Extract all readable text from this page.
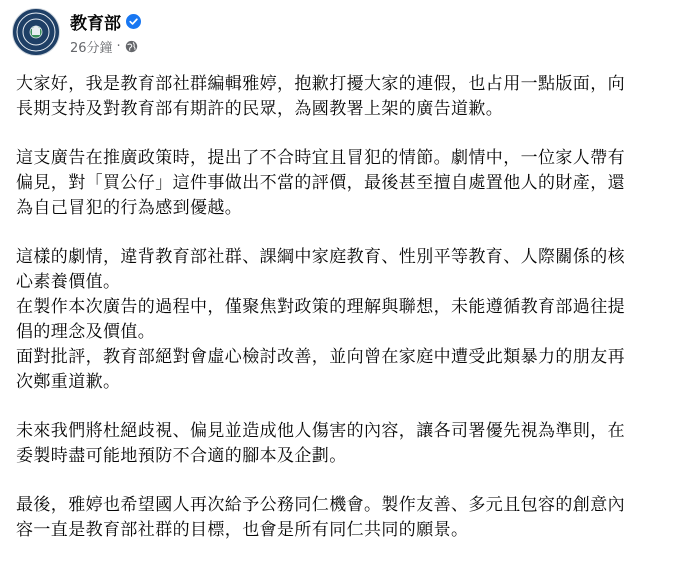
教育部
26分鐘 ·

大家好，我是教育部社群編輯雅婷，抱歉打擾大家的連假，也占用一點版面，向
長期支持及對教育部有期許的民眾，為國教署上架的廣告道歉。

這支廣告在推廣政策時，提出了不合時宜且冒犯的情節。劇情中，一位家人帶有
偏見，對「買公仔」這件事做出不當的評價，最後甚至擅自處置他人的財產，還
為自己冒犯的行為感到優越。

這樣的劇情，違背教育部社群、課綱中家庭教育、性別平等教育、人際關係的核
心素養價值。
在製作本次廣告的過程中，僅聚焦對政策的理解與聯想，未能遵循教育部過往提
倡的理念及價值。
面對批評，教育部絕對會虛心檢討改善，並向曾在家庭中遭受此類暴力的朋友再
次鄭重道歉。

未來我們將杜絕歧視、偏見並造成他人傷害的內容，讓各司署優先視為準則，在
委製時盡可能地預防不合適的腳本及企劃。

最後，雅婷也希望國人再次給予公務同仁機會。製作友善、多元且包容的創意內
容一直是教育部社群的目標，也會是所有同仁共同的願景。
